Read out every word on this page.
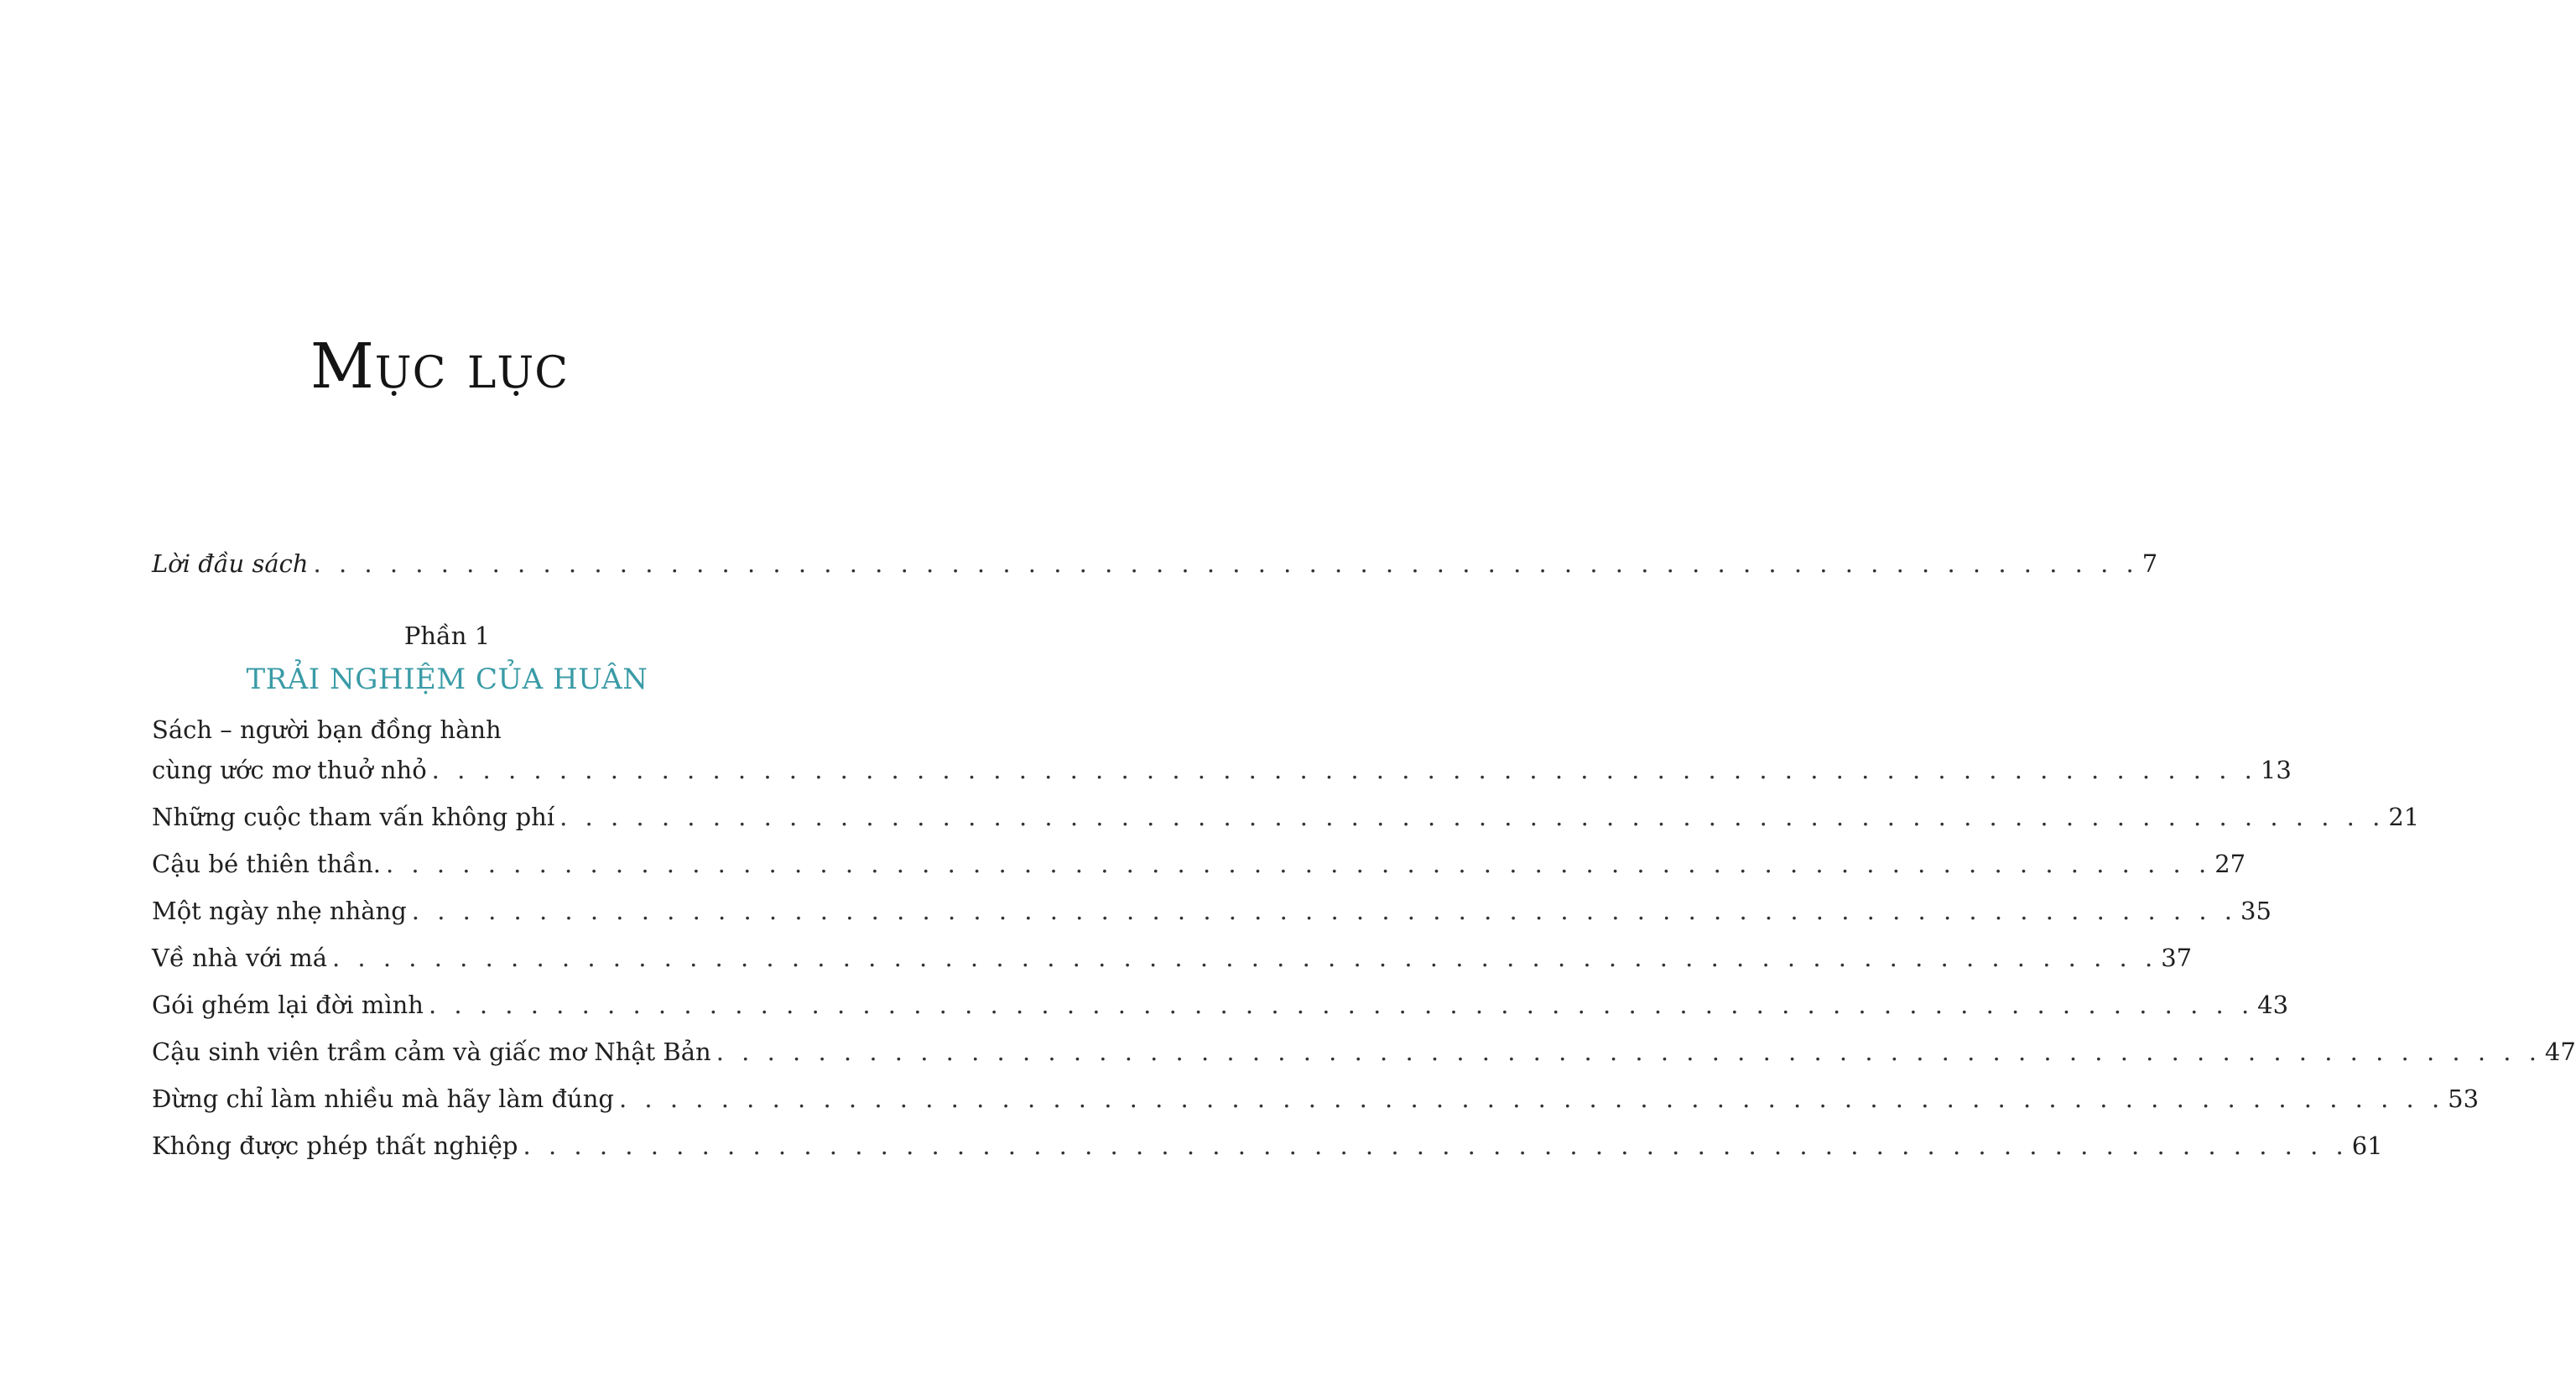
Mục lục
Lời đầu sách . . .	7
Phần 1
TRẢI NGHIỆM CỦA HUÂN
Sách – người bạn đồng hành
cùng ước mơ thuở nhỏ . . .	13
Những cuộc tham vấn không phí . . .	21
Cậu bé thiên thần. . . .	27
Một ngày nhẹ nhàng . . .	35
Về nhà với má . . .	37
Gói ghém lại đời mình . . .	43
Cậu sinh viên trầm cảm và giấc mơ Nhật Bản . . .	47
Đừng chỉ làm nhiều mà hãy làm đúng . . .	53
Không được phép thất nghiệp . . .	61
